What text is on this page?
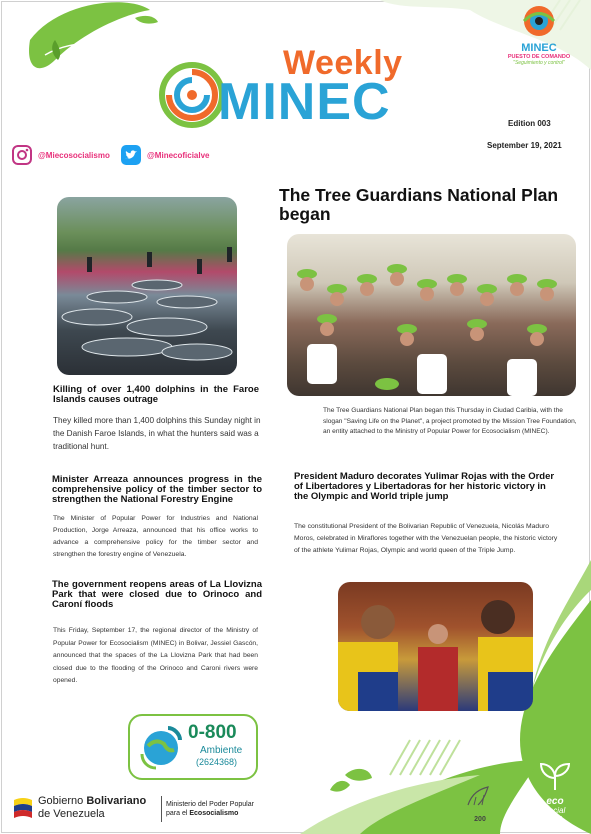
Weekly
MINEC
MINEC
PUESTO DE COMANDO
"Seguimiento y control"
Edition 003
September 19, 2021
@Miecosocialismo	@Minecoficialve
The Tree Guardians National Plan began
Killing of over 1,400 dolphins in the Faroe Islands causes outrage
They killed more than 1,400 dolphins this Sunday night in the Danish Faroe Islands, in what the hunters said was a traditional hunt.
The Tree Guardians National Plan began this Thursday in Ciudad Caribia, with the slogan "Saving Life on the Planet", a project promoted by the Mission Tree Foundation, an entity attached to the Ministry of Popular Power for Ecosocialism (MINEC).
Minister Arreaza announces progress in the comprehensive policy of the timber sector to strengthen the National Forestry Engine
The Minister of Popular Power for Industries and National Production, Jorge Arreaza, announced that his office works to advance a comprehensive policy for the timber sector and strengthen the forestry engine of Venezuela.
The government reopens areas of La Llovizna Park that were closed due to Orinoco and Caroní floods
This Friday, September 17, the regional director of the Ministry of Popular Power for Ecosocialism (MINEC) in Bolivar, Jessiel Gascón, announced that the spaces of the La Llovizna Park that had been closed due to the flooding of the Orinoco and Caroni rivers were opened.
President Maduro decorates Yulimar Rojas with the Order of Libertadores y Libertadoras for her historic victory in the Olympic and World triple jump
The constitutional President of the Bolivarian Republic of Venezuela, Nicolás Maduro Moros, celebrated in Miraflores together with the Venezuelan people, the historic victory of the athlete Yulimar Rojas, Olympic and world queen of the Triple Jump.
0-800
Ambiente
(2624368)
Gobierno Bolivariano
de Venezuela
Ministerio del Poder Popular
para el Ecosocialismo
200
eco
social
ismo
